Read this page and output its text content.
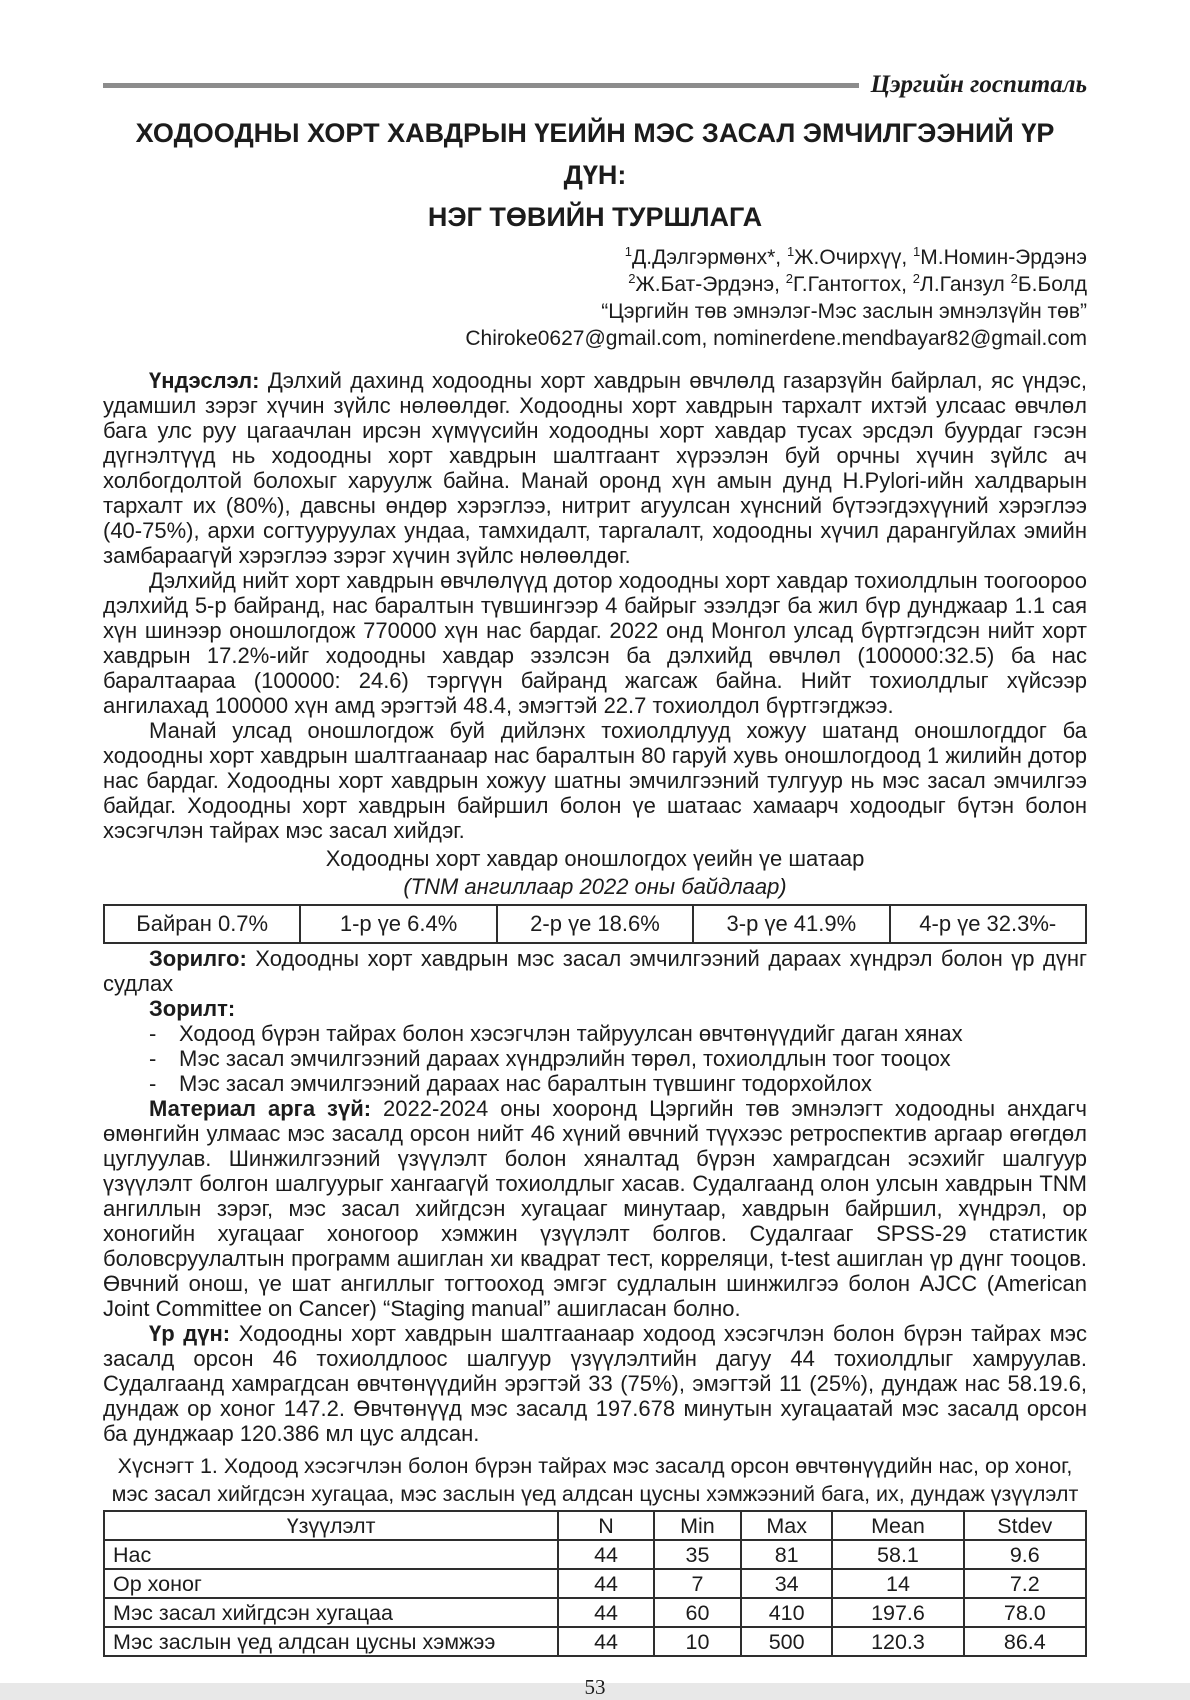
Цэргийн госпиталь
ХОДООДНЫ ХОРТ ХАВДРЫН ҮЕИЙН МЭС ЗАСАЛ ЭМЧИЛГЭЭНИЙ ҮР ДҮН:
НЭГ ТӨВИЙН ТУРШЛАГА
$^1$Д.Дэлгэрмөнх*, $^1$Ж.Очирхүү, $^1$М.Номин-Эрдэнэ
$^2$Ж.Бат-Эрдэнэ, $^2$Г.Гантогтох, $^2$Л.Ганзул $^2$Б.Болд
“Цэргийн төв эмнэлэг-Мэс заслын эмнэлзүйн төв”
Chiroke0627@gmail.com, nominerdene.mendbayar82@gmail.com

Үндэслэл: Дэлхий дахинд ходоодны хорт хавдрын өвчлөлд газарзүйн байрлал, яс үндэс, удамшил зэрэг хүчин зүйлс нөлөөлдөг. Ходоодны хорт хавдрын тархалт ихтэй улсаас өвчлөл бага улс руу цагаачлан ирсэн хүмүүсийн ходоодны хорт хавдар тусах эрсдэл буурдаг гэсэн дүгнэлтүүд нь ходоодны хорт хавдрын шалтгаант хүрээлэн буй орчны хүчин зүйлс ач холбогдолтой болохыг харуулж байна. Манай оронд хүн амын дунд H.Pylori-ийн халдварын тархалт их (80%), давсны өндөр хэрэглээ, нитрит агуулсан хүнсний бүтээгдэхүүний хэрэглээ (40-75%), архи согтууруулах ундаа, тамхидалт, таргалалт, ходоодны хүчил дарангуйлах эмийн замбараагүй хэрэглээ зэрэг хүчин зүйлс нөлөөлдөг.

Дэлхийд нийт хорт хавдрын өвчлөлүүд дотор ходоодны хорт хавдар тохиолдлын тоогоороо дэлхийд 5-р байранд, нас баралтын түвшингээр 4 байрыг эзэлдэг ба жил бүр дунджаар 1.1 сая хүн шинээр оношлогдож 770000 хүн нас бардаг. 2022 онд Монгол улсад бүртгэгдсэн нийт хорт хавдрын 17.2%-ийг ходоодны хавдар эзэлсэн ба дэлхийд өвчлөл (100000:32.5) ба нас баралтаараа (100000: 24.6) тэргүүн байранд жагсаж байна. Нийт тохиолдлыг хүйсээр ангилахад 100000 хүн амд эрэгтэй 48.4, эмэгтэй 22.7 тохиолдол бүртгэгджээ.

Манай улсад оношлогдож буй дийлэнх тохиолдлууд хожуу шатанд оношлогддог ба ходоодны хорт хавдрын шалтгаанаар нас баралтын 80 гаруй хувь оношлогдоод 1 жилийн дотор нас бардаг. Ходоодны хорт хавдрын хожуу шатны эмчилгээний тулгуур нь мэс засал эмчилгээ байдаг. Ходоодны хорт хавдрын байршил болон үе шатаас хамаарч ходоодыг бүтэн болон хэсэгчлэн тайрах мэс засал хийдэг.

Ходоодны хорт хавдар оношлогдох үеийн үе шатаар
(TNM ангиллаар 2022 оны байдлаар)
Байран 0.7%	1-р үе 6.4%	2-р үе 18.6%	3-р үе 41.9%	4-р үе 32.3%-

Зорилго: Ходоодны хорт хавдрын мэс засал эмчилгээний дараах хүндрэл болон үр дүнг судлах

Зорилт:

-	Ходоод бүрэн тайрах болон хэсэгчлэн тайруулсан өвчтөнүүдийг даган хянах
-	Мэс засал эмчилгээний дараах хүндрэлийн төрөл, тохиолдлын тоог тооцох
-	Мэс засал эмчилгээний дараах нас баралтын түвшинг тодорхойлох

Материал арга зүй: 2022-2024 оны хооронд Цэргийн төв эмнэлэгт ходоодны анхдагч өмөнгийн улмаас мэс засалд орсон нийт 46 хүний өвчний түүхээс ретроспектив аргаар өгөгдөл цуглуулав. Шинжилгээний үзүүлэлт болон хяналтад бүрэн хамрагдсан эсэхийг шалгуур үзүүлэлт болгон шалгуурыг хангаагүй тохиолдлыг хасав. Судалгаанд олон улсын хавдрын TNM ангиллын зэрэг, мэс засал хийгдсэн хугацааг минутаар, хавдрын байршил, хүндрэл, ор хоногийн хугацааг хоногоор хэмжин үзүүлэлт болгов. Судалгааг SPSS-29 статистик боловсруулалтын программ ашиглан хи квадрат тест, корреляци, t-test ашиглан үр дүнг тооцов. Өвчний онош, үе шат ангиллыг тогтооход эмгэг судлалын шинжилгээ болон AJCC (American Joint Committee on Cancer) “Staging manual” ашигласан болно.

Үр дүн: Ходоодны хорт хавдрын шалтгаанаар ходоод хэсэгчлэн болон бүрэн тайрах мэс засалд орсон 46 тохиолдлоос шалгуур үзүүлэлтийн дагуу 44 тохиолдлыг хамруулав. Судалгаанд хамрагдсан өвчтөнүүдийн эрэгтэй 33 (75%), эмэгтэй 11 (25%), дундаж нас 58.19.6, дундаж ор хоног 147.2. Өвчтөнүүд мэс засалд 197.678 минутын хугацаатай мэс засалд орсон ба дунджаар 120.386 мл цус алдсан.

Хүснэгт 1. Ходоод хэсэгчлэн болон бүрэн тайрах мэс засалд орсон өвчтөнүүдийн нас, ор хоног, мэс засал хийгдсэн хугацаа, мэс заслын үед алдсан цусны хэмжээний бага, их, дундаж үзүүлэлт
Үзүүлэлт	N	Min	Max	Mean	Stdev
Нас	44	35	81	58.1	9.6
Ор хоног	44	7	34	14	7.2
Мэс засал хийгдсэн хугацаа	44	60	410	197.6	78.0
Мэс заслын үед алдсан цусны хэмжээ	44	10	500	120.3	86.4
53
